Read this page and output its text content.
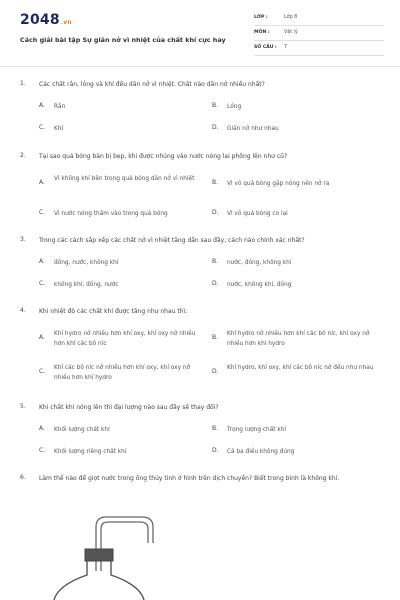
2048.vn
Cách giải bài tập Sự giãn nở vì nhiệt của chất khí cực hay
LỚP :	Lớp 8
MÔN :	Vật lý
SỐ CÂU : 7
1. Các chất rắn, lỏng và khí đều dãn nở vì nhiệt. Chất nào dãn nở nhiều nhất?
A. Rắn	B. Lỏng
C. Khí	D. Giãn nở như nhau
2. Tại sao quả bóng bàn bị bẹp, khi được nhúng vào nước nóng lại phồng lên như cũ?
A. Vì không khí bên trong quả bóng dãn nở vì nhiệt	B. Vì vỏ quả bóng gặp nóng nên nở ra
C. Vì nước nóng thấm vào trong quả bóng	D. Vì vỏ quả bóng co lại
3. Trong các cách sắp xếp các chất nở vì nhiệt tăng dần sau đây, cách nào chính xác nhất?
A. đồng, nước, không khí	B. nước, đồng, không khí
C. không khí, đồng, nước	D. nước, không khí, đồng
4. Khi nhiệt độ các chất khí được tăng như nhau thì:
A. Khí hydro nở nhiều hơn khí oxy, khí oxy nở nhiều hơn khí các bô níc
B. Khí hydro nở nhiều hơn khí các bô níc, khí oxy nở nhiều hơn khí hydro
C. Khí các bô níc nở nhiều hơn khí oxy, khí oxy nở nhiều hơn khí hydro
D. Khí hydro, khí oxy, khí các bô níc nở đều như nhau
5. Khi chất khí nóng lên thì đại lượng nào sau đây sẽ thay đổi?
A. Khối lượng chất khí	B. Trọng lượng chất khí
C. Khối lượng riêng chất khí	D. Cả ba điều không đúng
6. Làm thế nào để giọt nước trong ống thủy tinh ở hình trên dịch chuyển? Biết trong bình là không khí.
